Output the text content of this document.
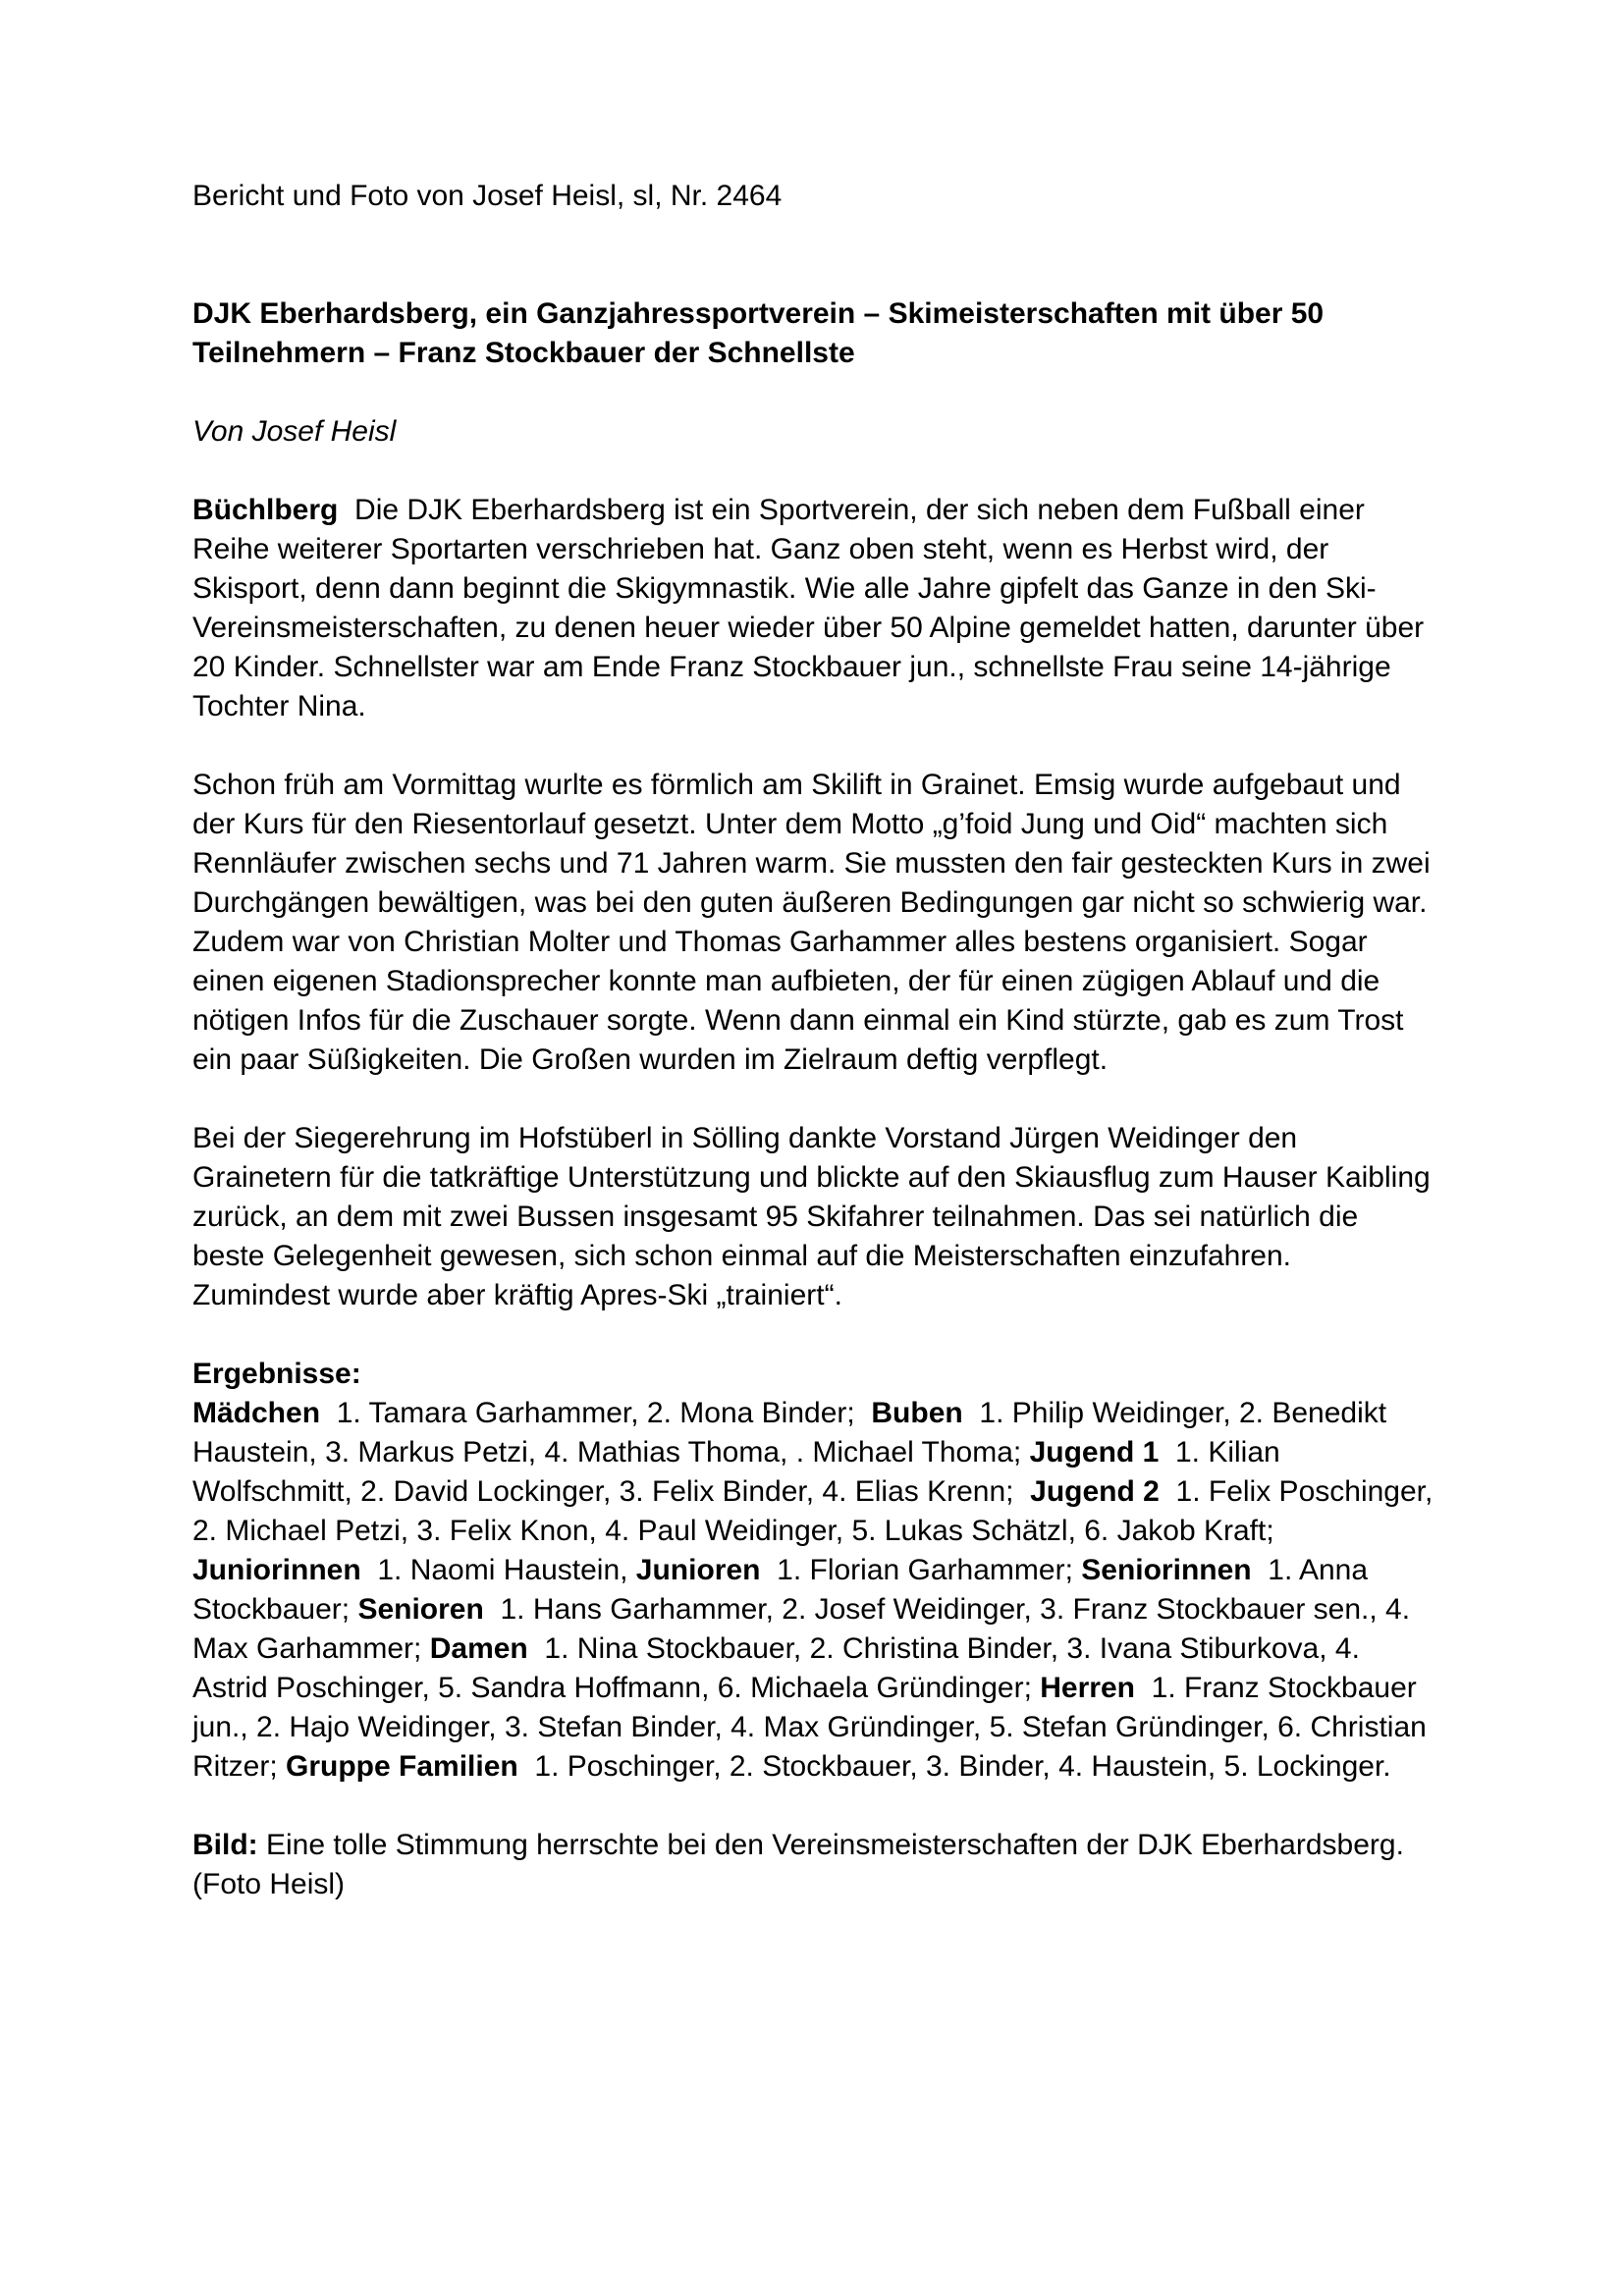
Bericht und Foto von Josef Heisl, sl, Nr. 2464

DJK Eberhardsberg, ein Ganzjahressportverein – Skimeisterschaften mit über 50 Teilnehmern – Franz Stockbauer der Schnellste

Von Josef Heisl

Büchlberg  Die DJK Eberhardsberg ist ein Sportverein, der sich neben dem Fußball einer Reihe weiterer Sportarten verschrieben hat. Ganz oben steht, wenn es Herbst wird, der Skisport, denn dann beginnt die Skigymnastik. Wie alle Jahre gipfelt das Ganze in den Ski-Vereinsmeisterschaften, zu denen heuer wieder über 50 Alpine gemeldet hatten, darunter über 20 Kinder. Schnellster war am Ende Franz Stockbauer jun., schnellste Frau seine 14-jährige Tochter Nina.

Schon früh am Vormittag wurlte es förmlich am Skilift in Grainet. Emsig wurde aufgebaut und der Kurs für den Riesentorlauf gesetzt. Unter dem Motto „g’foid Jung und Oid“ machten sich Rennläufer zwischen sechs und 71 Jahren warm. Sie mussten den fair gesteckten Kurs in zwei Durchgängen bewältigen, was bei den guten äußeren Bedingungen gar nicht so schwierig war. Zudem war von Christian Molter und Thomas Garhammer alles bestens organisiert. Sogar einen eigenen Stadionsprecher konnte man aufbieten, der für einen zügigen Ablauf und die nötigen Infos für die Zuschauer sorgte. Wenn dann einmal ein Kind stürzte, gab es zum Trost ein paar Süßigkeiten. Die Großen wurden im Zielraum deftig verpflegt.

Bei der Siegerehrung im Hofstüberl in Sölling dankte Vorstand Jürgen Weidinger den Grainetern für die tatkräftige Unterstützung und blickte auf den Skiausflug zum Hauser Kaibling zurück, an dem mit zwei Bussen insgesamt 95 Skifahrer teilnahmen. Das sei natürlich die beste Gelegenheit gewesen, sich schon einmal auf die Meisterschaften einzufahren. Zumindest wurde aber kräftig Apres-Ski „trainiert“.

Ergebnisse:

Mädchen  1. Tamara Garhammer, 2. Mona Binder;  Buben  1. Philip Weidinger, 2. Benedikt Haustein, 3. Markus Petzi, 4. Mathias Thoma, . Michael Thoma; Jugend 1  1. Kilian Wolfschmitt, 2. David Lockinger, 3. Felix Binder, 4. Elias Krenn;  Jugend 2  1. Felix Poschinger, 2. Michael Petzi, 3. Felix Knon, 4. Paul Weidinger, 5. Lukas Schätzl, 6. Jakob Kraft; Juniorinnen  1. Naomi Haustein, Junioren  1. Florian Garhammer; Seniorinnen  1. Anna Stockbauer; Senioren  1. Hans Garhammer, 2. Josef Weidinger, 3. Franz Stockbauer sen., 4. Max Garhammer; Damen  1. Nina Stockbauer, 2. Christina Binder, 3. Ivana Stiburkova, 4. Astrid Poschinger, 5. Sandra Hoffmann, 6. Michaela Gründinger; Herren  1. Franz Stockbauer jun., 2. Hajo Weidinger, 3. Stefan Binder, 4. Max Gründinger, 5. Stefan Gründinger, 6. Christian Ritzer; Gruppe Familien  1. Poschinger, 2. Stockbauer, 3. Binder, 4. Haustein, 5. Lockinger.

Bild: Eine tolle Stimmung herrschte bei den Vereinsmeisterschaften der DJK Eberhardsberg. (Foto Heisl)
